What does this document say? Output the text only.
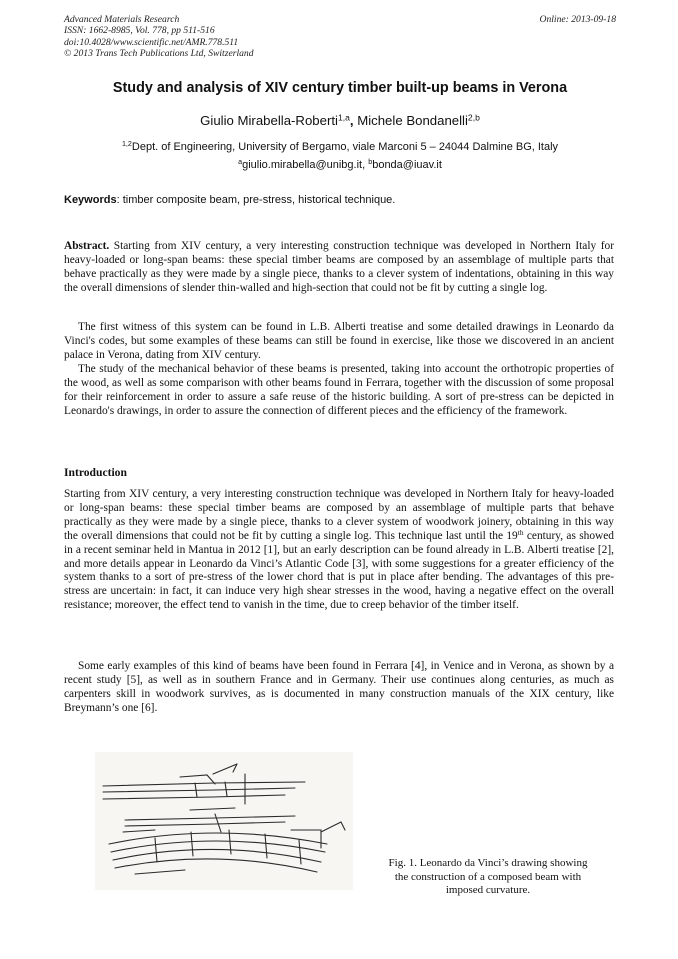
Advanced Materials Research
ISSN: 1662-8985, Vol. 778, pp 511-516
doi:10.4028/www.scientific.net/AMR.778.511
© 2013 Trans Tech Publications Ltd, Switzerland
Online: 2013-09-18
Study and analysis of XIV century timber built-up beams in Verona
Giulio Mirabella-Roberti$^{1,a}$, Michele Bondanelli$^{2,b}$
$^{1,2}$Dept. of Engineering, University of Bergamo, viale Marconi 5 – 24044 Dalmine BG, Italy
$^a$giulio.mirabella@unibg.it, $^b$bonda@iuav.it
Keywords: timber composite beam, pre-stress, historical technique.

Abstract. Starting from XIV century, a very interesting construction technique was developed in Northern Italy for heavy-loaded or long-span beams: these special timber beams are composed by an assemblage of multiple parts that behave practically as they were made by a single piece, thanks to a clever system of indentations, obtaining in this way the overall dimensions of slender thin-walled and high-section that could not be fit by cutting a single log.

The first witness of this system can be found in L.B. Alberti treatise and some detailed drawings in Leonardo da Vinci's codes, but some examples of these beams can still be found in exercise, like those we discovered in an ancient palace in Verona, dating from XIV century.

The study of the mechanical behavior of these beams is presented, taking into account the orthotropic properties of the wood, as well as some comparison with other beams found in Ferrara, together with the discussion of some proposal for their reinforcement in order to assure a safe reuse of the historic building. A sort of pre-stress can be depicted in Leonardo's drawings, in order to assure the connection of different pieces and the efficiency of the framework.

Introduction

Starting from XIV century, a very interesting construction technique was developed in Northern Italy for heavy-loaded or long-span beams: these special timber beams are composed by an assemblage of multiple parts that behave practically as they were made by a single piece, thanks to a clever system of woodwork joinery, obtaining in this way the overall dimensions that could not be fit by cutting a single log. This technique last until the 19th century, as showed in a recent seminar held in Mantua in 2012 [1], but an early description can be found already in L.B. Alberti treatise [2], and more details appear in Leonardo da Vinci’s Atlantic Code [3], with some suggestions for a greater efficiency of the system thanks to a sort of pre-stress of the lower chord that is put in place after bending. The advantages of this pre-stress are uncertain: in fact, it can induce very high shear stresses in the wood, having a negative effect on the overall resistance; moreover, the effect tend to vanish in the time, due to creep behavior of the timber itself.

Some early examples of this kind of beams have been found in Ferrara [4], in Venice and in Verona, as shown by a recent study [5], as well as in southern France and in Germany. Their use continues along centuries, as much as carpenters skill in woodwork survives, as is documented in many construction manuals of the XIX century, like Breymann’s one [6].

Fig. 1. Leonardo da Vinci’s drawing showing the construction of a composed beam with imposed curvature.
